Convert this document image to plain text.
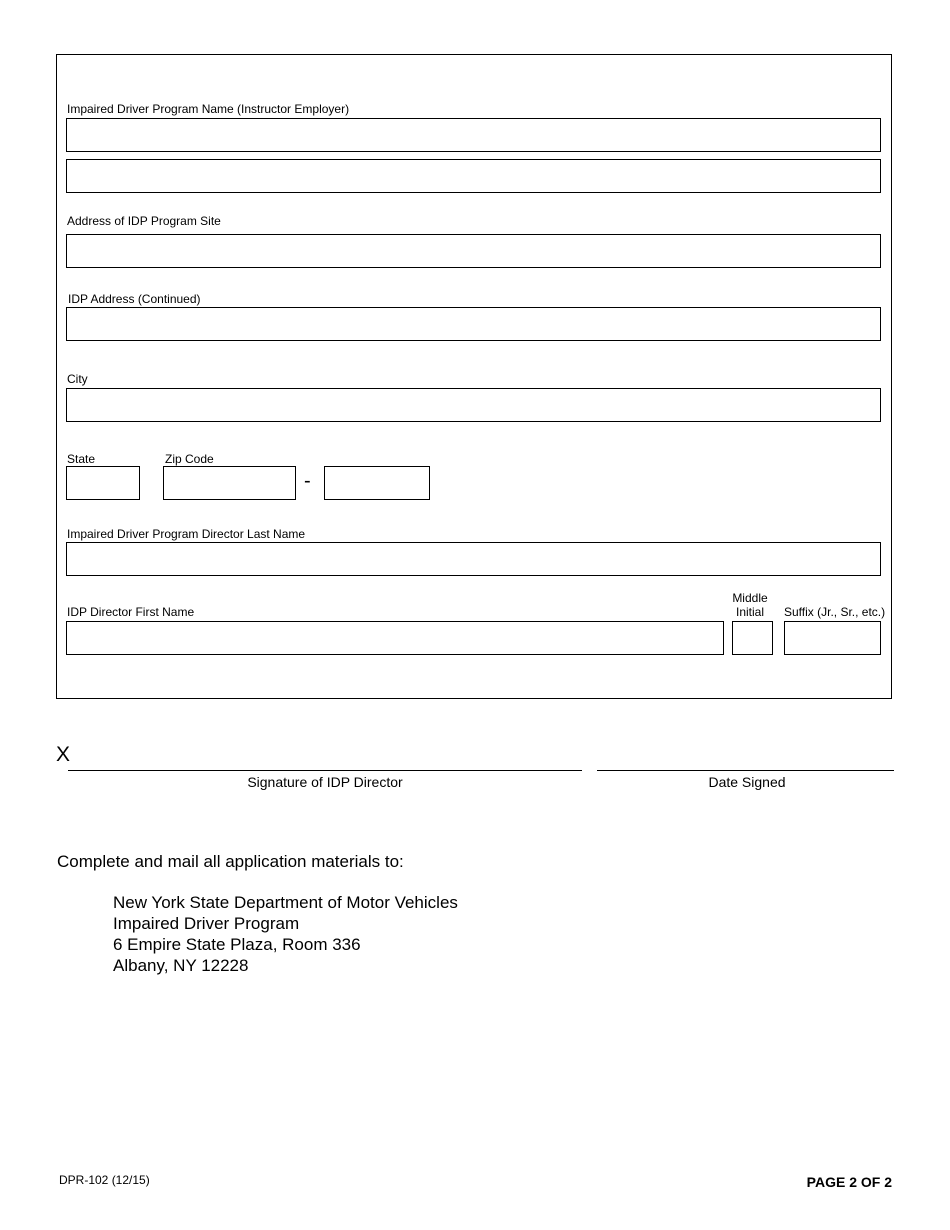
Impaired Driver Program Name (Instructor Employer)
Address of IDP Program Site
IDP Address (Continued)
City
State	Zip Code
-
Impaired Driver Program Director Last Name
IDP Director First Name
Middle
Initial	Suffix (Jr., Sr., etc.)
X
Signature of IDP Director	Date Signed
Complete and mail all application materials to:
New York State Department of Motor Vehicles
Impaired Driver Program
6 Empire State Plaza, Room 336
Albany, NY 12228
DPR-102 (12/15)	PAGE 2 OF 2
